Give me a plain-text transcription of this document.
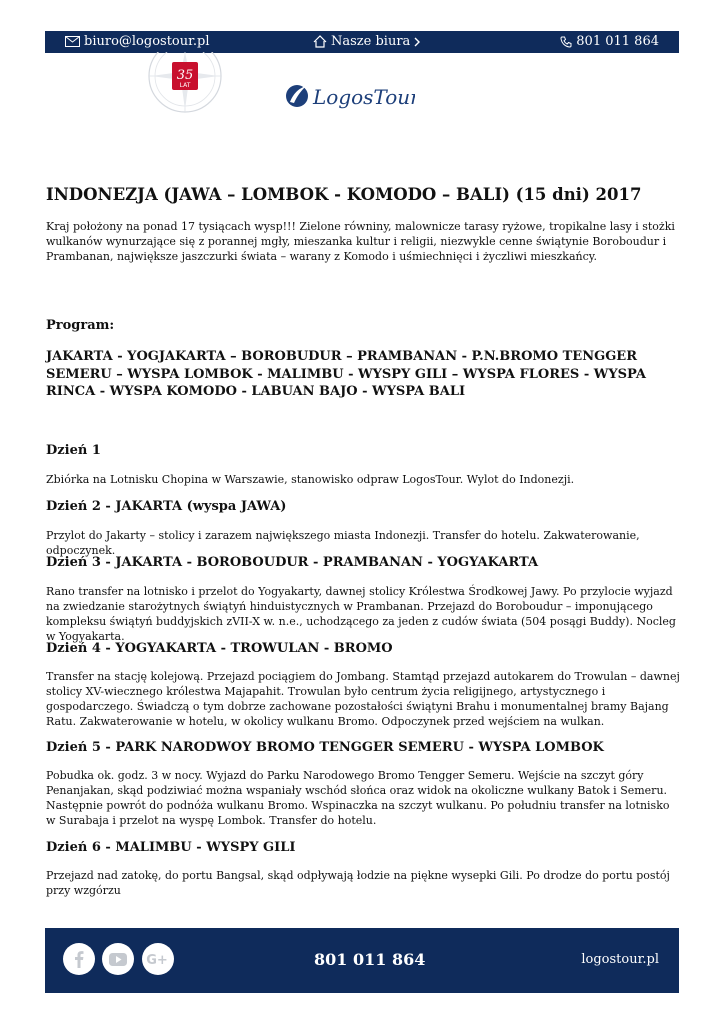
biuro@logostour.pl	Nasze biura	801 011 864
35
LAT	LogosTour
INDONEZJA (JAWA – LOMBOK - KOMODO – BALI) (15 dni) 2017

Kraj położony na ponad 17 tysiącach wysp!!! Zielone równiny, malownicze tarasy ryżowe, tropikalne lasy i stożki wulkanów wynurzające się z porannej mgły, mieszanka kultur i religii, niezwykle cenne świątynie Boroboudur i Prambanan, największe jaszczurki świata – warany z Komodo i uśmiechnięci i życzliwi mieszkańcy.

Program:

JAKARTA - YOGJAKARTA – BOROBUDUR – PRAMBANAN - P.N.BROMO TENGGER SEMERU – WYSPA LOMBOK - MALIMBU - WYSPY GILI – WYSPA FLORES - WYSPA RINCA - WYSPA KOMODO - LABUAN BAJO - WYSPA BALI

Dzień 1

Zbiórka na Lotnisku Chopina w Warszawie, stanowisko odpraw LogosTour. Wylot do Indonezji.

Dzień 2 - JAKARTA (wyspa JAWA)

Przylot do Jakarty – stolicy i zarazem największego miasta Indonezji. Transfer do hotelu. Zakwaterowanie, odpoczynek.

Dzień 3 - JAKARTA - BOROBOUDUR - PRAMBANAN - YOGYAKARTA

Rano transfer na lotnisko i przelot do Yogyakarty, dawnej stolicy Królestwa Środkowej Jawy. Po przylocie wyjazd na zwiedzanie starożytnych świątyń hinduistycznych w Prambanan. Przejazd do Boroboudur – imponującego kompleksu świątyń buddyjskich zVII-X w. n.e., uchodzącego za jeden z cudów świata (504 posągi Buddy). Nocleg w Yogyakarta.

Dzień 4 - YOGYAKARTA - TROWULAN - BROMO

Transfer na stację kolejową. Przejazd pociągiem do Jombang. Stamtąd przejazd autokarem do Trowulan – dawnej stolicy XV-wiecznego królestwa Majapahit. Trowulan było centrum życia religijnego, artystycznego i gospodarczego. Świadczą o tym dobrze zachowane pozostałości świątyni Brahu i monumentalnej bramy Bajang Ratu. Zakwaterowanie w hotelu, w okolicy wulkanu Bromo. Odpoczynek przed wejściem na wulkan.

Dzień 5 - PARK NARODWOY BROMO TENGGER SEMERU - WYSPA LOMBOK

Pobudka ok. godz. 3 w nocy. Wyjazd do Parku Narodowego Bromo Tengger Semeru. Wejście na szczyt góry Penanjakan, skąd podziwiać można wspaniały wschód słońca oraz widok na okoliczne wulkany Batok i Semeru. Następnie powrót do podnóża wulkanu Bromo. Wspinaczka na szczyt wulkanu. Po południu transfer na lotnisko w Surabaja i przelot na wyspę Lombok. Transfer do hotelu.

Dzień 6 - MALIMBU - WYSPY GILI

Przejazd nad zatokę, do portu Bangsal, skąd odpływają łodzie na piękne wysepki Gili. Po drodze do portu postój przy wzgórzu

G+	801 011 864	logostour.pl
